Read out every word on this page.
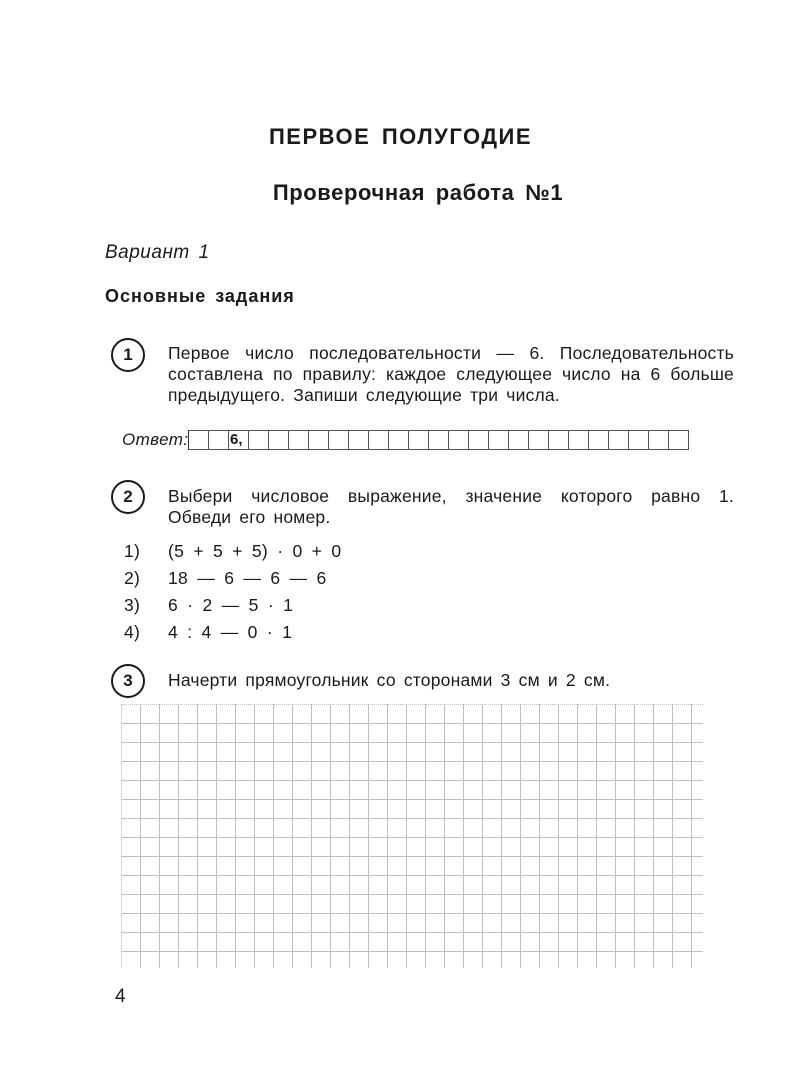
ПЕРВОЕ ПОЛУГОДИЕ
Проверочная работа №1
Вариант 1
Основные задания
1	Первое число последовательности — 6. Последовательность составлена по правилу: каждое следующее число на 6 больше предыдущего. Запиши следующие три числа.
Ответ:	6,
2	Выбери числовое выражение, значение которого равно 1. Обведи его номер.
1) (5 + 5 + 5) · 0 + 0
2) 18 — 6 — 6 — 6
3) 6 · 2 — 5 · 1
4) 4 : 4 — 0 · 1
3	Начерти прямоугольник со сторонами 3 см и 2 см.
4
